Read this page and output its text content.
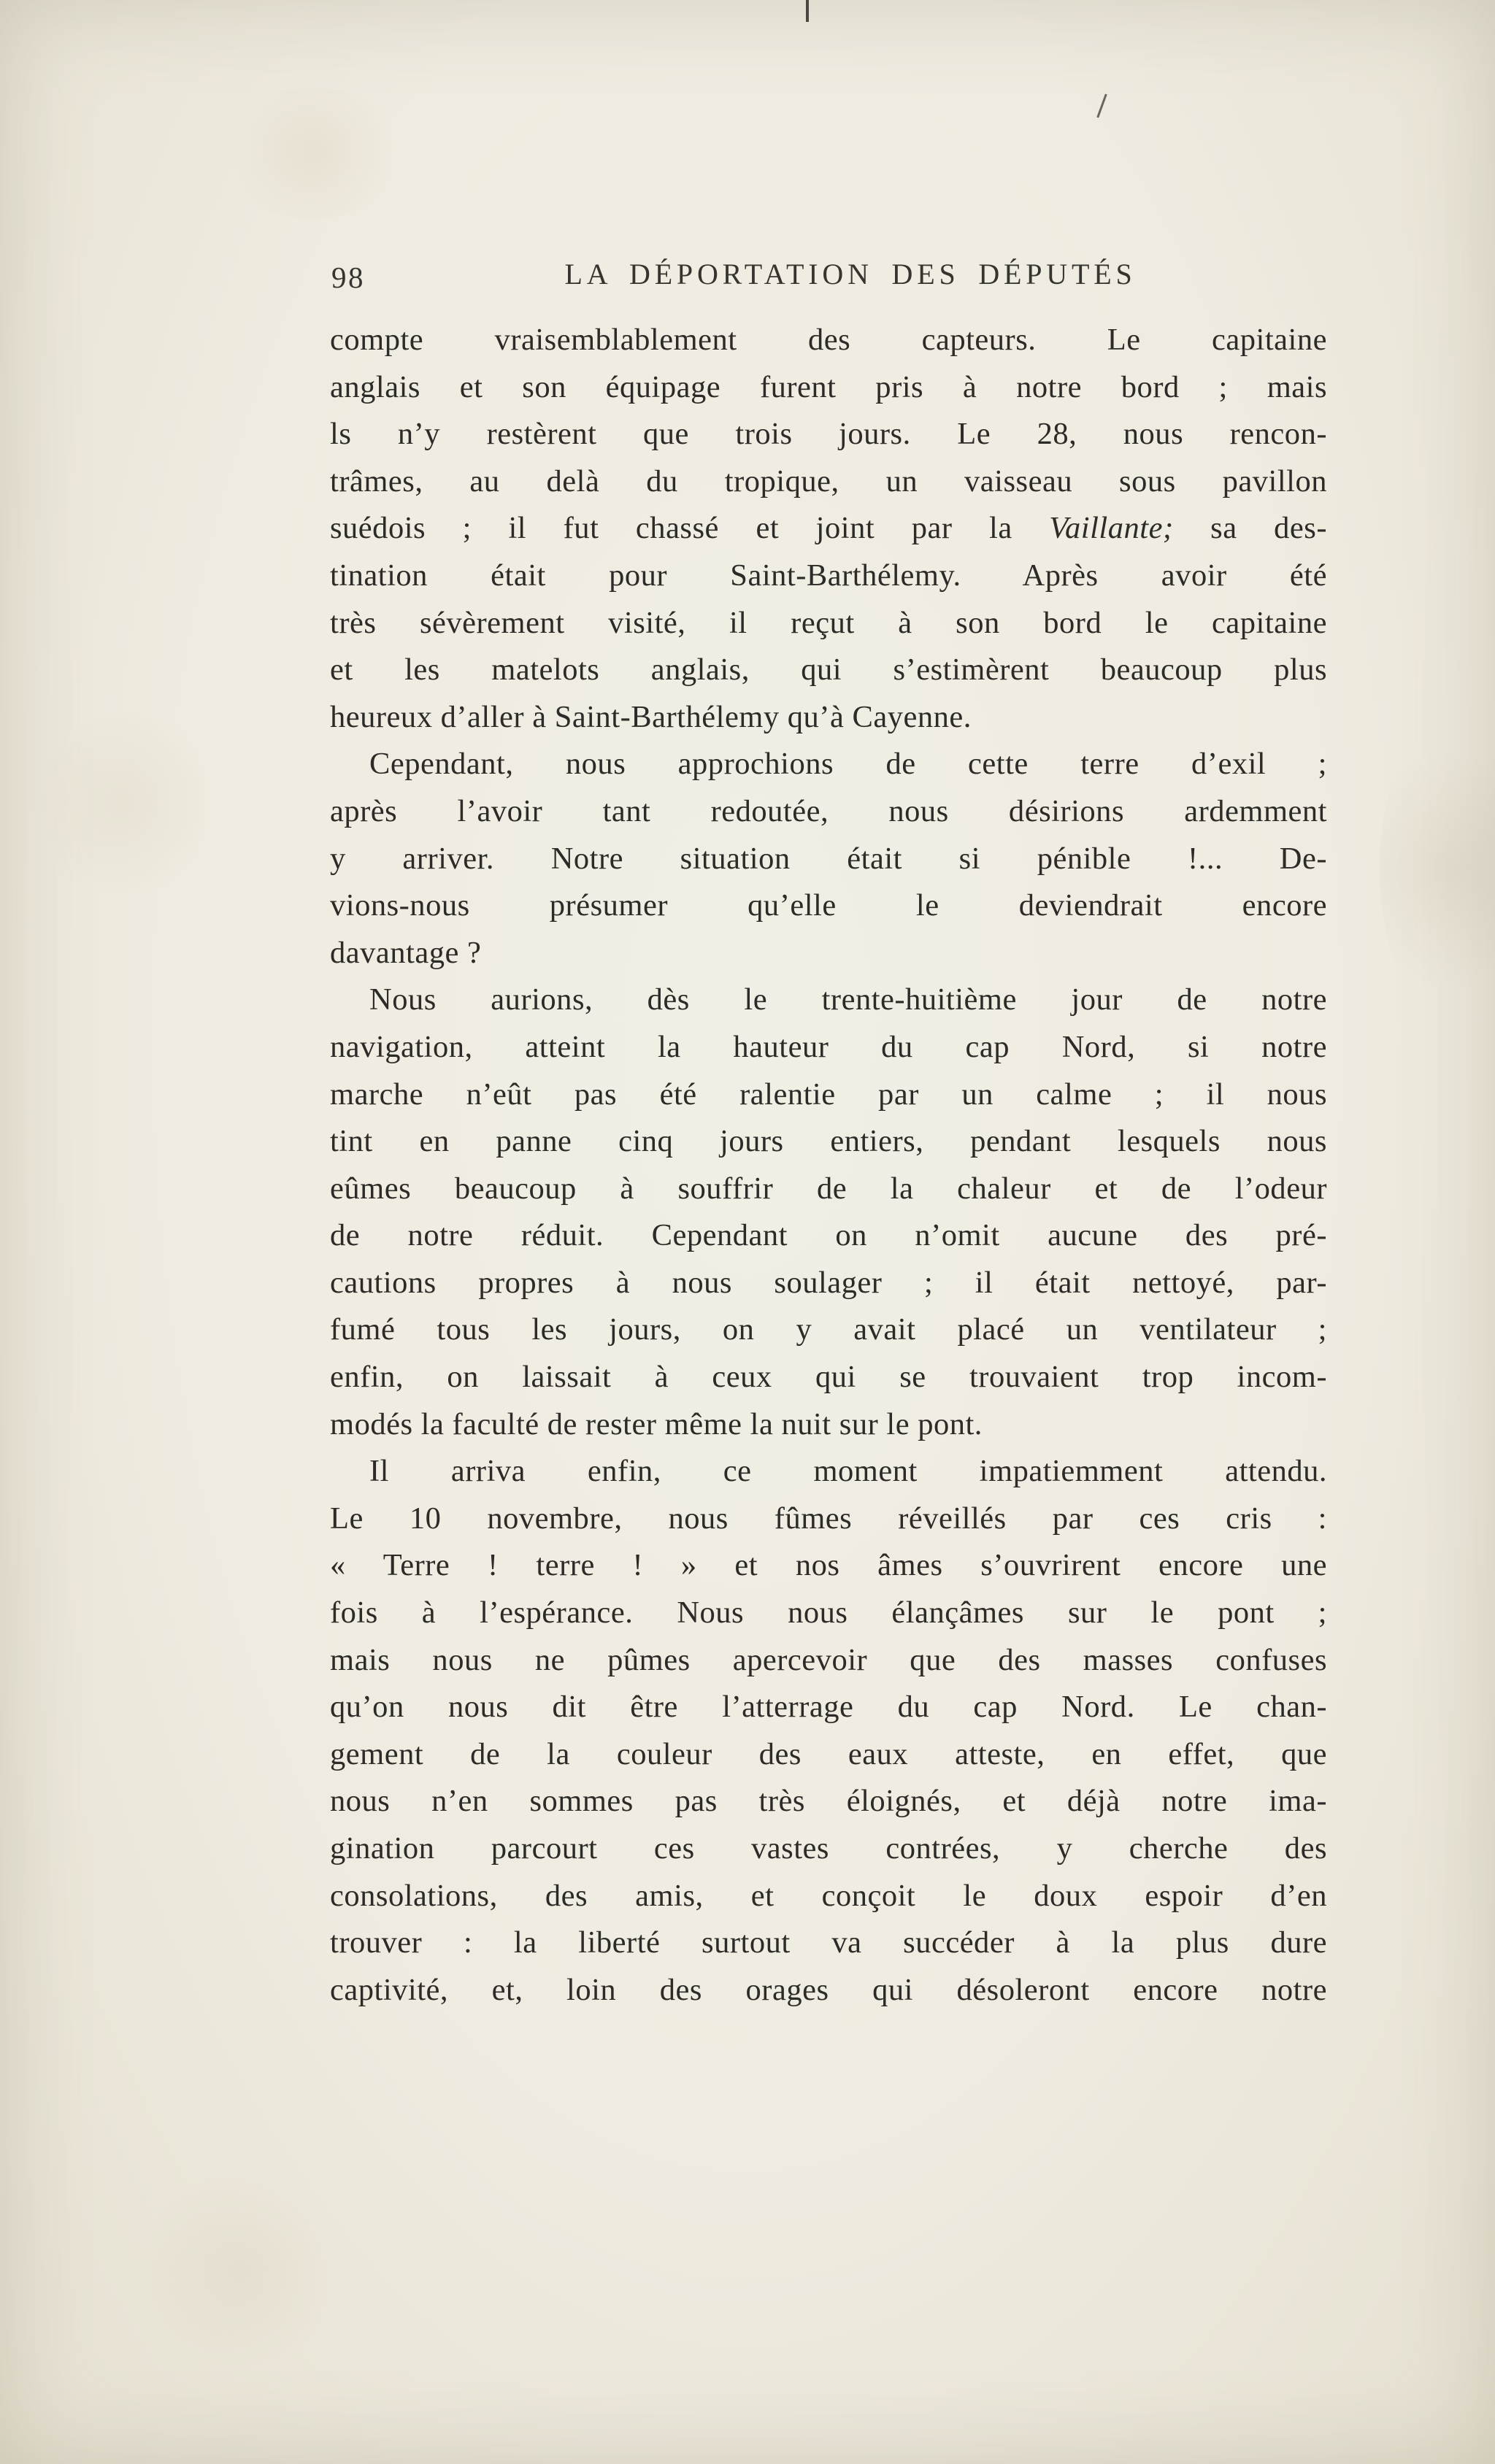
98	LA DÉPORTATION DES DÉPUTÉS
compte vraisemblablement des capteurs. Le capitaine
anglais et son équipage furent pris à notre bord ; mais
ls n’y restèrent que trois jours. Le 28, nous rencon-
trâmes, au delà du tropique, un vaisseau sous pavillon
suédois ; il fut chassé et joint par la Vaillante; sa des-
tination était pour Saint-Barthélemy. Après avoir été
très sévèrement visité, il reçut à son bord le capitaine
et les matelots anglais, qui s’estimèrent beaucoup plus
heureux d’aller à Saint-Barthélemy qu’à Cayenne.
Cependant, nous approchions de cette terre d’exil ;
après l’avoir tant redoutée, nous désirions ardemment
y arriver. Notre situation était si pénible !... De-
vions-nous présumer qu’elle le deviendrait encore
davantage ?
Nous aurions, dès le trente-huitième jour de notre
navigation, atteint la hauteur du cap Nord, si notre
marche n’eût pas été ralentie par un calme ; il nous
tint en panne cinq jours entiers, pendant lesquels nous
eûmes beaucoup à souffrir de la chaleur et de l’odeur
de notre réduit. Cependant on n’omit aucune des pré-
cautions propres à nous soulager ; il était nettoyé, par-
fumé tous les jours, on y avait placé un ventilateur ;
enfin, on laissait à ceux qui se trouvaient trop incom-
modés la faculté de rester même la nuit sur le pont.
Il arriva enfin, ce moment impatiemment attendu.
Le 10 novembre, nous fûmes réveillés par ces cris :
« Terre ! terre ! » et nos âmes s’ouvrirent encore une
fois à l’espérance. Nous nous élançâmes sur le pont ;
mais nous ne pûmes apercevoir que des masses confuses
qu’on nous dit être l’atterrage du cap Nord. Le chan-
gement de la couleur des eaux atteste, en effet, que
nous n’en sommes pas très éloignés, et déjà notre ima-
gination parcourt ces vastes contrées, y cherche des
consolations, des amis, et conçoit le doux espoir d’en
trouver : la liberté surtout va succéder à la plus dure
captivité, et, loin des orages qui désoleront encore notre
